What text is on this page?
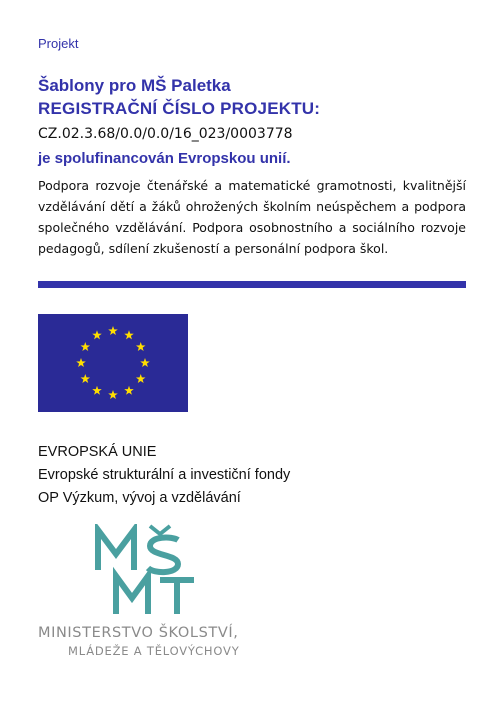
Projekt
Šablony pro MŠ Paletka
REGISTRAČNÍ ČÍSLO PROJEKTU:
CZ.02.3.68/0.0/0.0/16_023/0003778
je spolufinancován Evropskou unií.
Podpora rozvoje čtenářské a matematické gramotnosti, kvalitnější vzdělávání dětí a žáků ohrožených školním neúspěchem a podpora společného vzdělávání. Podpora osobnostního a sociálního rozvoje pedagogů, sdílení zkušeností a personální podpora škol.
EVROPSKÁ UNIE
Evropské strukturální a investiční fondy
OP Výzkum, vývoj a vzdělávání
MINISTERSTVO ŠKOLSTVÍ,
MLÁDEŽE A TĚLOVÝCHOVY
